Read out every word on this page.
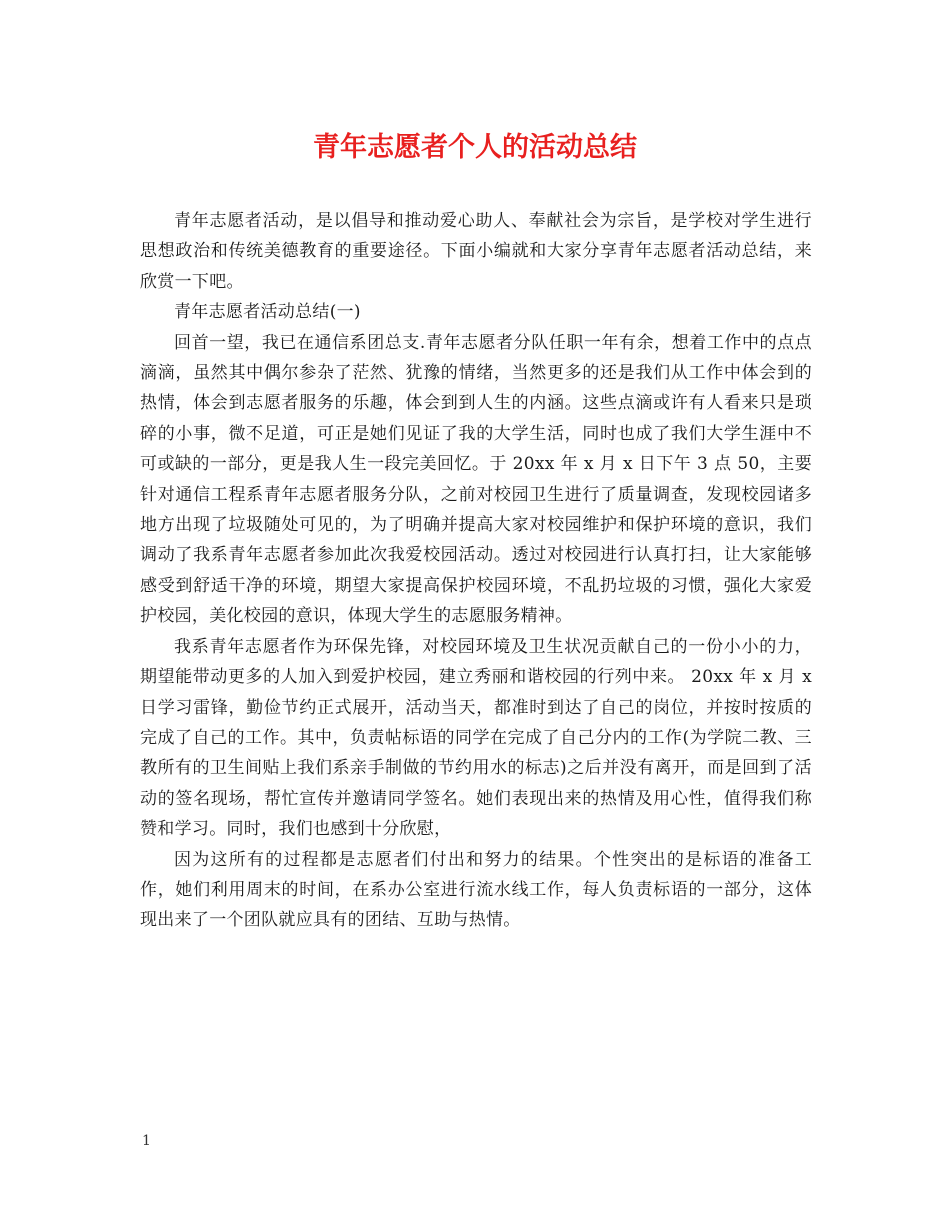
青年志愿者个人的活动总结

青年志愿者活动，是以倡导和推动爱心助人、奉献社会为宗旨，是学校对学生进行思想政治和传统美德教育的重要途径。下面小编就和大家分享青年志愿者活动总结，来欣赏一下吧。

青年志愿者活动总结(一)

回首一望，我已在通信系团总支.青年志愿者分队任职一年有余，想着工作中的点点滴滴，虽然其中偶尔参杂了茫然、犹豫的情绪，当然更多的还是我们从工作中体会到的热情，体会到志愿者服务的乐趣，体会到到人生的内涵。这些点滴或许有人看来只是琐碎的小事，微不足道，可正是她们见证了我的大学生活，同时也成了我们大学生涯中不可或缺的一部分，更是我人生一段完美回忆。于 20xx 年 x 月 x 日下午 3 点 50，主要针对通信工程系青年志愿者服务分队，之前对校园卫生进行了质量调查，发现校园诸多地方出现了垃圾随处可见的，为了明确并提高大家对校园维护和保护环境的意识，我们调动了我系青年志愿者参加此次我爱校园活动。透过对校园进行认真打扫，让大家能够感受到舒适干净的环境，期望大家提高保护校园环境，不乱扔垃圾的习惯，强化大家爱护校园，美化校园的意识，体现大学生的志愿服务精神。

我系青年志愿者作为环保先锋，对校园环境及卫生状况贡献自己的一份小小的力，期望能带动更多的人加入到爱护校园，建立秀丽和谐校园的行列中来。 20xx 年 x 月 x 日学习雷锋，勤俭节约正式展开，活动当天，都准时到达了自己的岗位，并按时按质的完成了自己的工作。其中，负责帖标语的同学在完成了自己分内的工作(为学院二教、三教所有的卫生间贴上我们系亲手制做的节约用水的标志)之后并没有离开，而是回到了活动的签名现场，帮忙宣传并邀请同学签名。她们表现出来的热情及用心性，值得我们称赞和学习。同时，我们也感到十分欣慰，

因为这所有的过程都是志愿者们付出和努力的结果。个性突出的是标语的准备工作，她们利用周末的时间，在系办公室进行流水线工作，每人负责标语的一部分，这体现出来了一个团队就应具有的团结、互助与热情。

1
